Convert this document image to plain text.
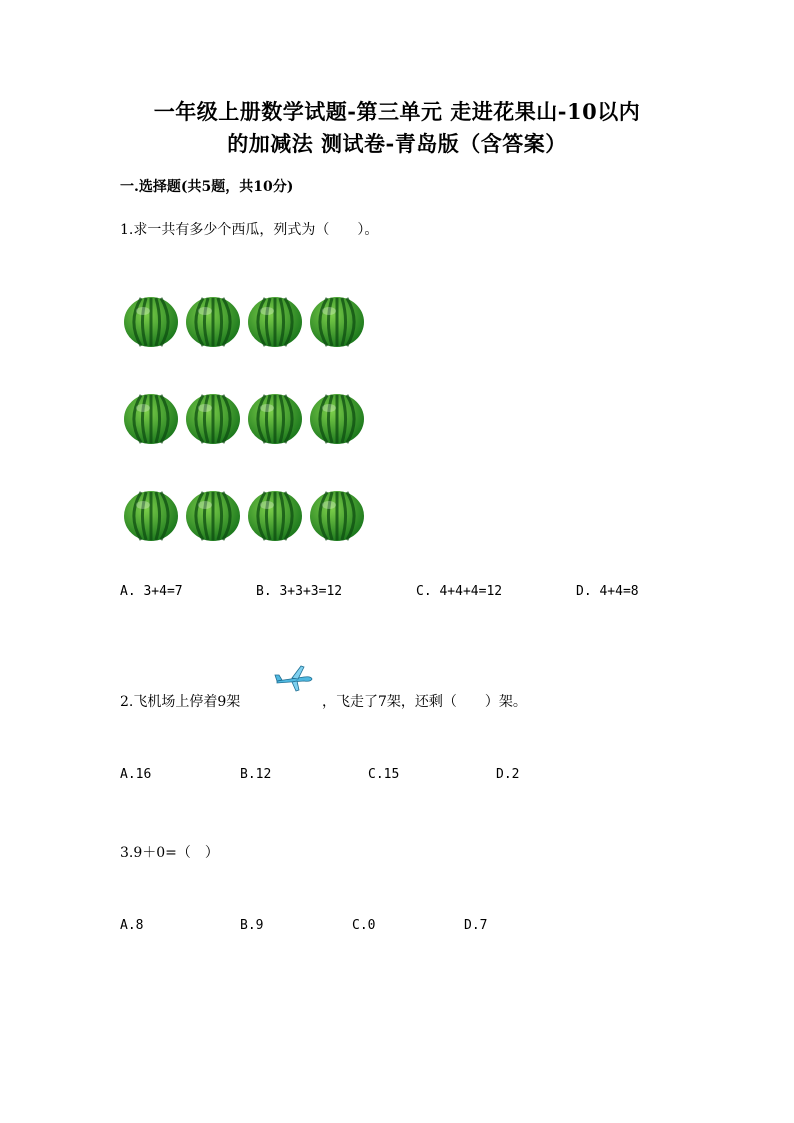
一年级上册数学试题-第三单元 走进花果山-10以内
的加减法 测试卷-青岛版（含答案）
一.选择题(共5题，共10分)
1.求一共有多少个西瓜，列式为（　　）。
A. 3+4=7	B. 3+3+3=12	C. 4+4+4=12	D. 4+4=8
2.飞机场上停着9架	，飞走了7架，还剩（　　）架。
A.16	B.12	C.15	D.2
3.9＋0=（　）
A.8	B.9	C.0	D.7
